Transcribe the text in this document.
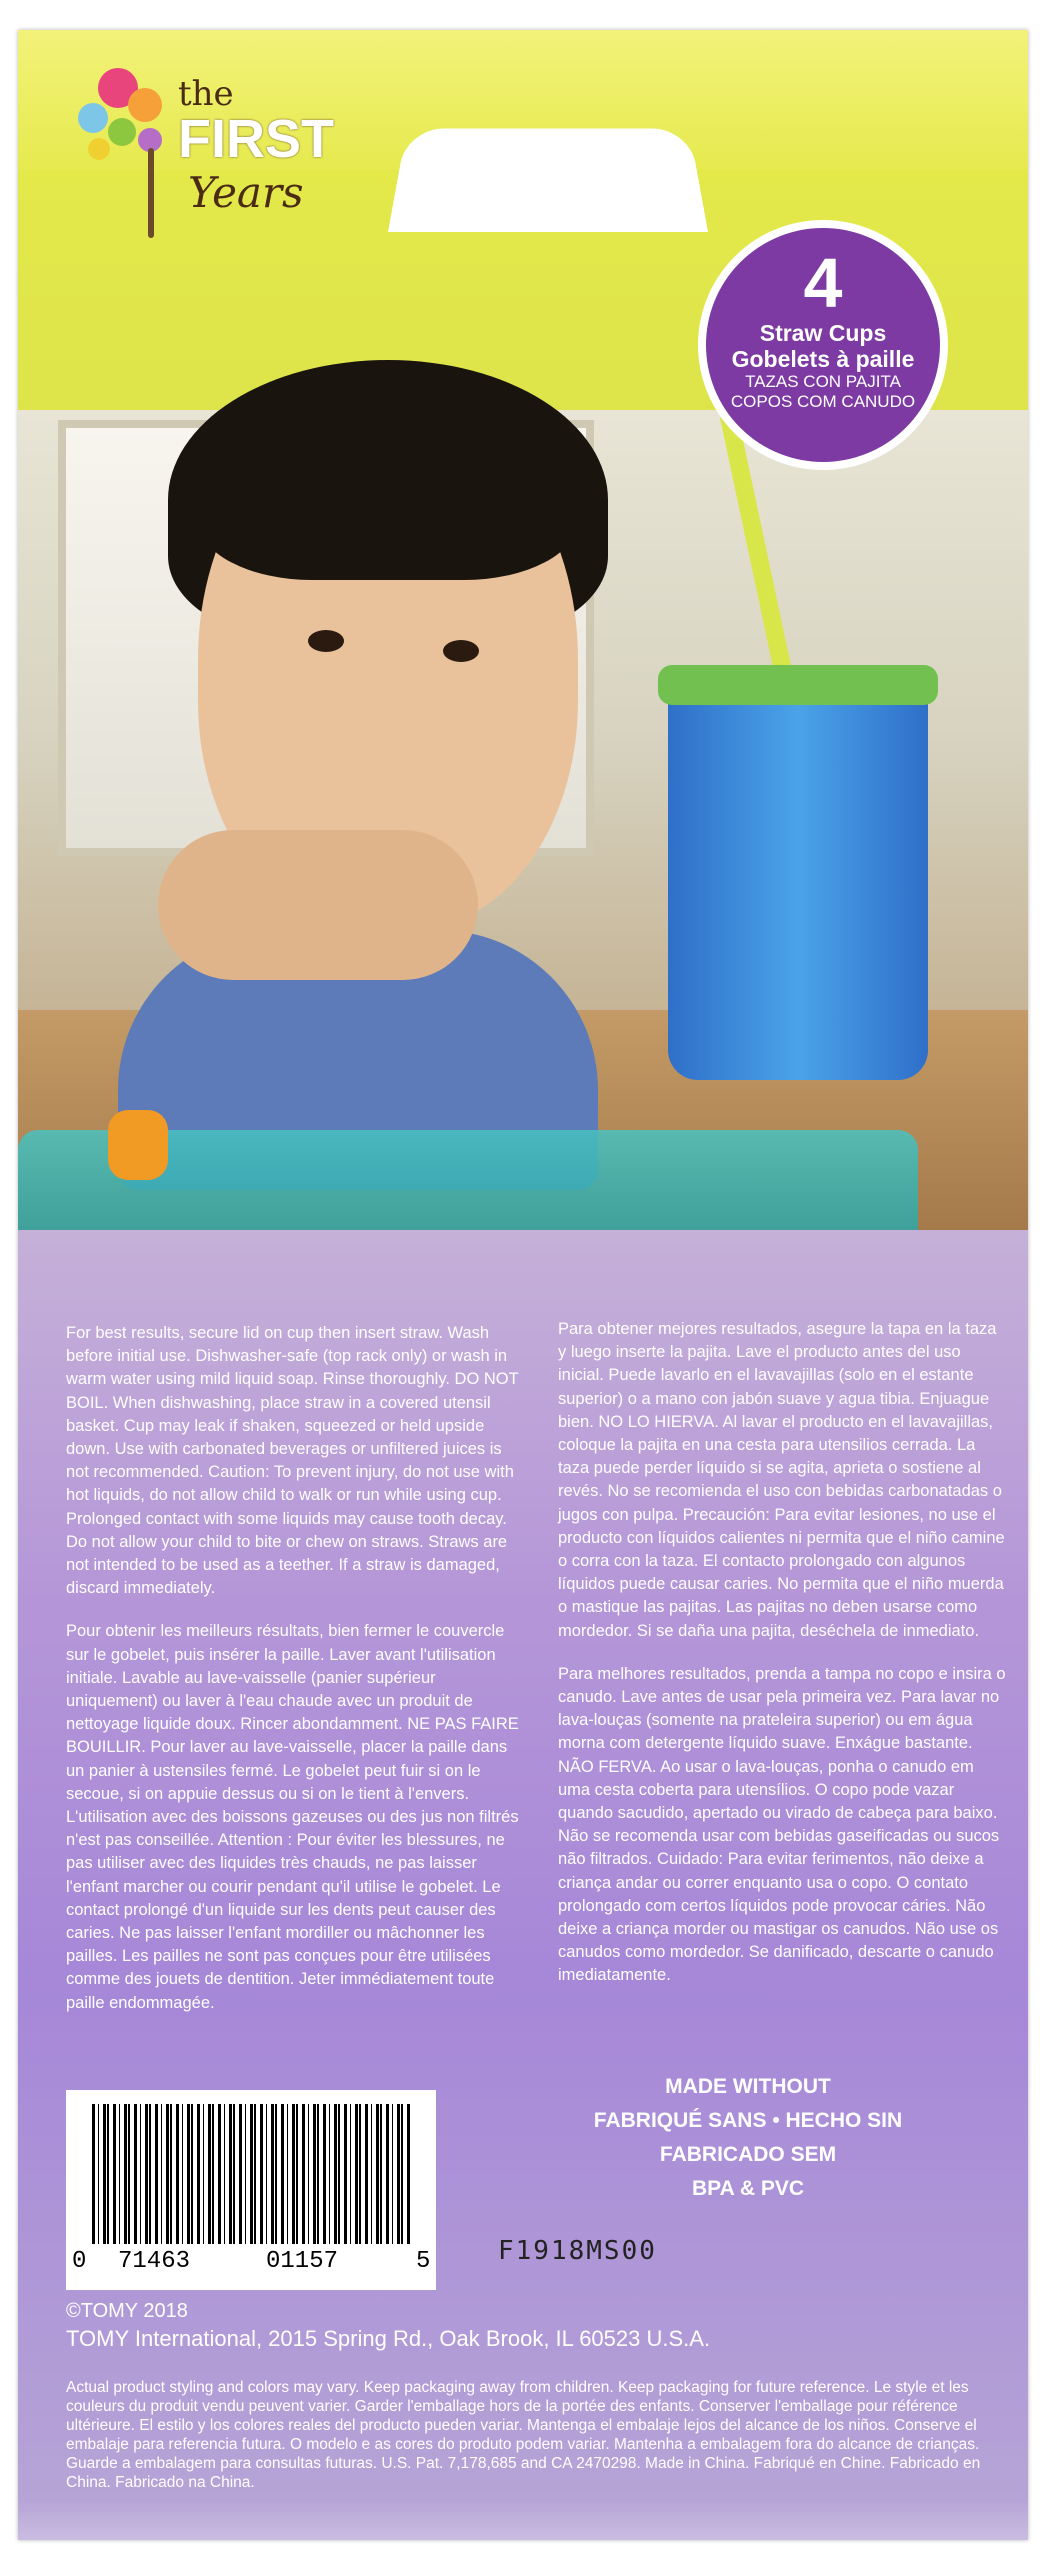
the
FIRST
Years
4
Straw Cups
Gobelets à paille
TAZAS CON PAJITA
COPOS COM CANUDO

For best results, secure lid on cup then insert straw. Wash before initial use. Dishwasher-safe (top rack only) or wash in warm water using mild liquid soap. Rinse thoroughly. DO NOT BOIL. When dishwashing, place straw in a covered utensil basket. Cup may leak if shaken, squeezed or held upside down. Use with carbonated beverages or unfiltered juices is not recommended. Caution: To prevent injury, do not use with hot liquids, do not allow child to walk or run while using cup. Prolonged contact with some liquids may cause tooth decay. Do not allow your child to bite or chew on straws. Straws are not intended to be used as a teether. If a straw is damaged, discard immediately.

Pour obtenir les meilleurs résultats, bien fermer le couvercle sur le gobelet, puis insérer la paille. Laver avant l'utilisation initiale. Lavable au lave-vaisselle (panier supérieur uniquement) ou laver à l'eau chaude avec un produit de nettoyage liquide doux. Rincer abondamment. NE PAS FAIRE BOUILLIR. Pour laver au lave-vaisselle, placer la paille dans un panier à ustensiles fermé. Le gobelet peut fuir si on le secoue, si on appuie dessus ou si on le tient à l'envers. L'utilisation avec des boissons gazeuses ou des jus non filtrés n'est pas conseillée. Attention : Pour éviter les blessures, ne pas utiliser avec des liquides très chauds, ne pas laisser l'enfant marcher ou courir pendant qu'il utilise le gobelet. Le contact prolongé d'un liquide sur les dents peut causer des caries. Ne pas laisser l'enfant mordiller ou mâchonner les pailles. Les pailles ne sont pas conçues pour être utilisées comme des jouets de dentition. Jeter immédiatement toute paille endommagée.

Para obtener mejores resultados, asegure la tapa en la taza y luego inserte la pajita. Lave el producto antes del uso inicial. Puede lavarlo en el lavavajillas (solo en el estante superior) o a mano con jabón suave y agua tibia. Enjuague bien. NO LO HIERVA. Al lavar el producto en el lavavajillas, coloque la pajita en una cesta para utensilios cerrada. La taza puede perder líquido si se agita, aprieta o sostiene al revés. No se recomienda el uso con bebidas carbonatadas o jugos con pulpa. Precaución: Para evitar lesiones, no use el producto con líquidos calientes ni permita que el niño camine o corra con la taza. El contacto prolongado con algunos líquidos puede causar caries. No permita que el niño muerda o mastique las pajitas. Las pajitas no deben usarse como mordedor. Si se daña una pajita, deséchela de inmediato.

Para melhores resultados, prenda a tampa no copo e insira o canudo. Lave antes de usar pela primeira vez. Para lavar no lava-louças (somente na prateleira superior) ou em água morna com detergente líquido suave. Enxágue bastante. NÃO FERVA. Ao usar o lava-louças, ponha o canudo em uma cesta coberta para utensílios. O copo pode vazar quando sacudido, apertado ou virado de cabeça para baixo. Não se recomenda usar com bebidas gaseificadas ou sucos não filtrados. Cuidado: Para evitar ferimentos, não deixe a criança andar ou correr enquanto usa o copo. O contato prolongado com certos líquidos pode provocar cáries. Não deixe a criança morder ou mastigar os canudos. Não use os canudos como mordedor. Se danificado, descarte o canudo imediatamente.

0 71463	01157	5
MADE WITHOUT
FABRIQUÉ SANS • HECHO SIN
FABRICADO SEM
BPA & PVC
F1918MS00
©TOMY 2018
TOMY International, 2015 Spring Rd., Oak Brook, IL 60523 U.S.A.
Actual product styling and colors may vary. Keep packaging away from children. Keep packaging for future reference. Le style et les couleurs du produit vendu peuvent varier. Garder l'emballage hors de la portée des enfants. Conserver l'emballage pour référence ultérieure. El estilo y los colores reales del producto pueden variar. Mantenga el embalaje lejos del alcance de los niños. Conserve el embalaje para referencia futura. O modelo e as cores do produto podem variar. Mantenha a embalagem fora do alcance de crianças. Guarde a embalagem para consultas futuras. U.S. Pat. 7,178,685 and CA 2470298. Made in China. Fabriqué en Chine. Fabricado en China. Fabricado na China.
Y1157 171116
